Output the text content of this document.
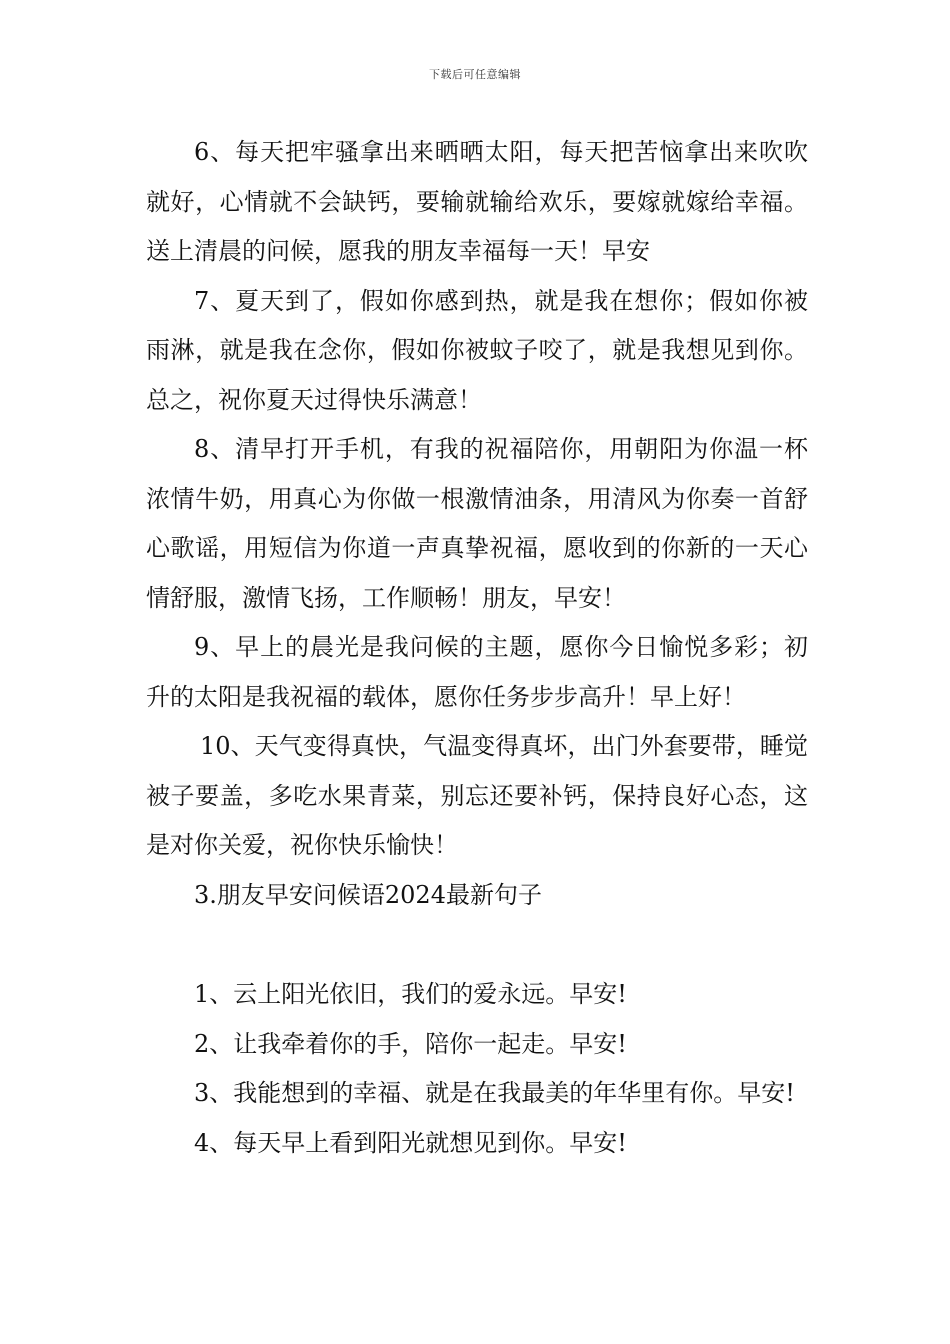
下载后可任意编辑

6、每天把牢骚拿出来晒晒太阳，每天把苦恼拿出来吹吹就好，心情就不会缺钙，要输就输给欢乐，要嫁就嫁给幸福。送上清晨的问候，愿我的朋友幸福每一天！早安

7、夏天到了，假如你感到热，就是我在想你；假如你被雨淋，就是我在念你，假如你被蚊子咬了，就是我想见到你。总之，祝你夏天过得快乐满意！

8、清早打开手机，有我的祝福陪你，用朝阳为你温一杯浓情牛奶，用真心为你做一根激情油条，用清风为你奏一首舒心歌谣，用短信为你道一声真挚祝福，愿收到的你新的一天心情舒服，激情飞扬，工作顺畅！朋友，早安！

9、早上的晨光是我问候的主题，愿你今日愉悦多彩；初升的太阳是我祝福的载体，愿你任务步步高升！早上好！

10、天气变得真快，气温变得真坏，出门外套要带，睡觉被子要盖，多吃水果青菜，别忘还要补钙，保持良好心态，这是对你关爱，祝你快乐愉快！

3.朋友早安问候语2024最新句子

1、云上阳光依旧，我们的爱永远。早安!

2、让我牵着你的手，陪你一起走。早安!

3、我能想到的幸福、就是在我最美的年华里有你。早安!

4、每天早上看到阳光就想见到你。早安!
